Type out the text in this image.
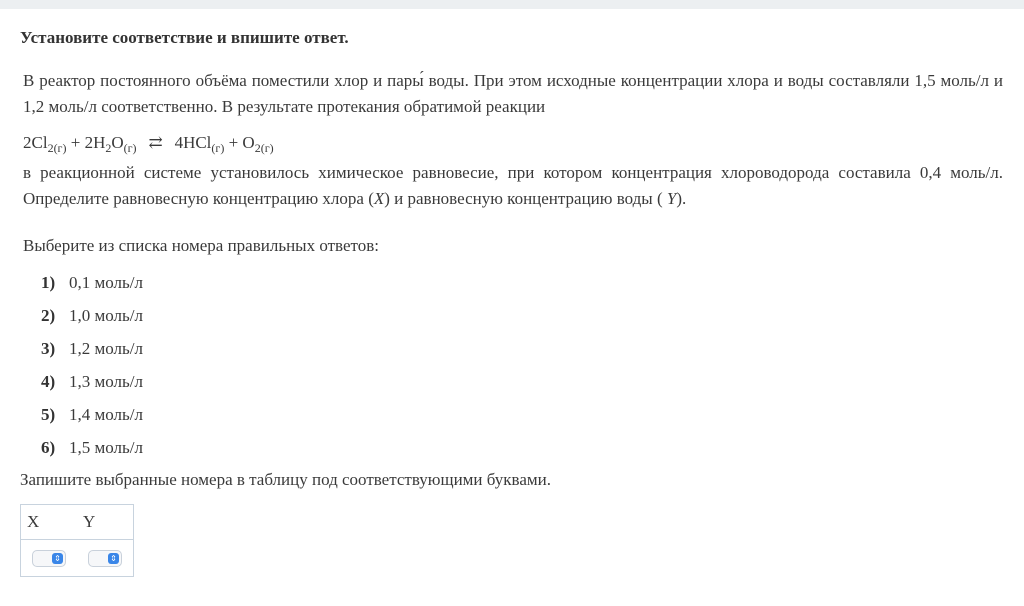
Установите соответствие и впишите ответ.
В реактор постоянного объёма поместили хлор и пары́ воды. При этом исходные концентрации хлора и воды составляли 1,5 моль/л и 1,2 моль/л соответственно. В результате протекания обратимой реакции
$2Cl_{2(г)} + 2H_2O_{(г)}$ ⇄ $4HCl_{(г)} + O_{2(г)}$
в реакционной системе установилось химическое равновесие, при котором концентрация хлороводорода составила 0,4 моль/л. Определите равновесную концентрацию хлора (X) и равновесную концентрацию воды ( Y).
Выберите из списка номера правильных ответов:
1) 0,1 моль/л
2) 1,0 моль/л
3) 1,2 моль/л
4) 1,3 моль/л
5) 1,4 моль/л
6) 1,5 моль/л
Запишите выбранные номера в таблицу под соответствующими буквами.
X	Y

⇕	⇕
